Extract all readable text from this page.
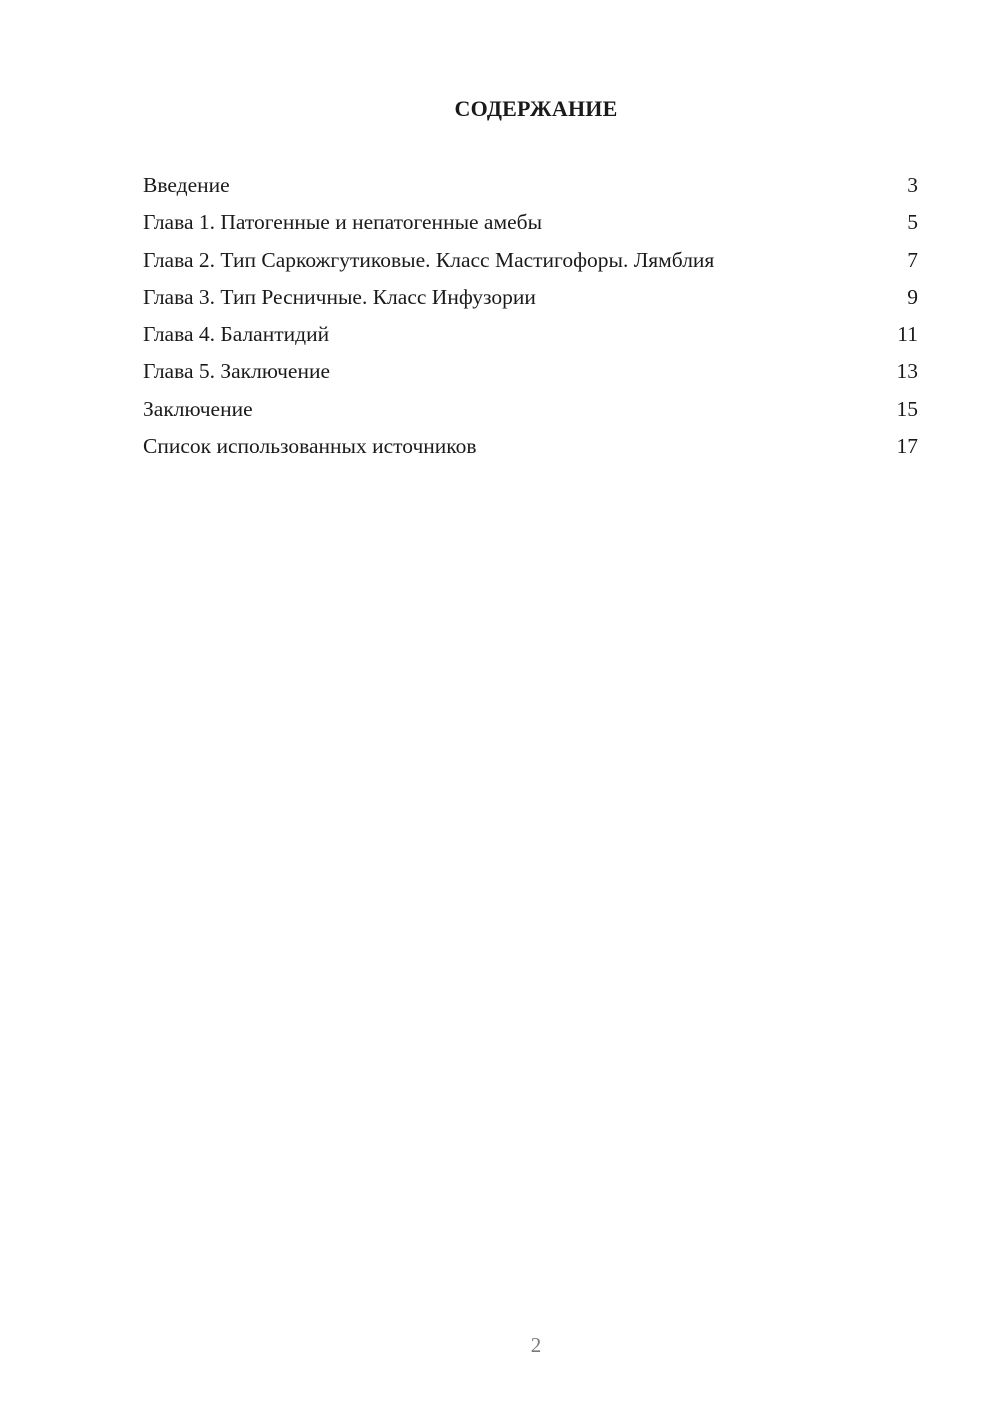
СОДЕРЖАНИЕ
Введение	3
Глава 1. Патогенные и непатогенные амебы	5
Глава 2. Тип Саркожгутиковые. Класс Мастигофоры. Лямблия	7
Глава 3. Тип Ресничные. Класс Инфузории	9
Глава 4. Балантидий	11
Глава 5. Заключение	13
Заключение	15
Список использованных источников	17
2
